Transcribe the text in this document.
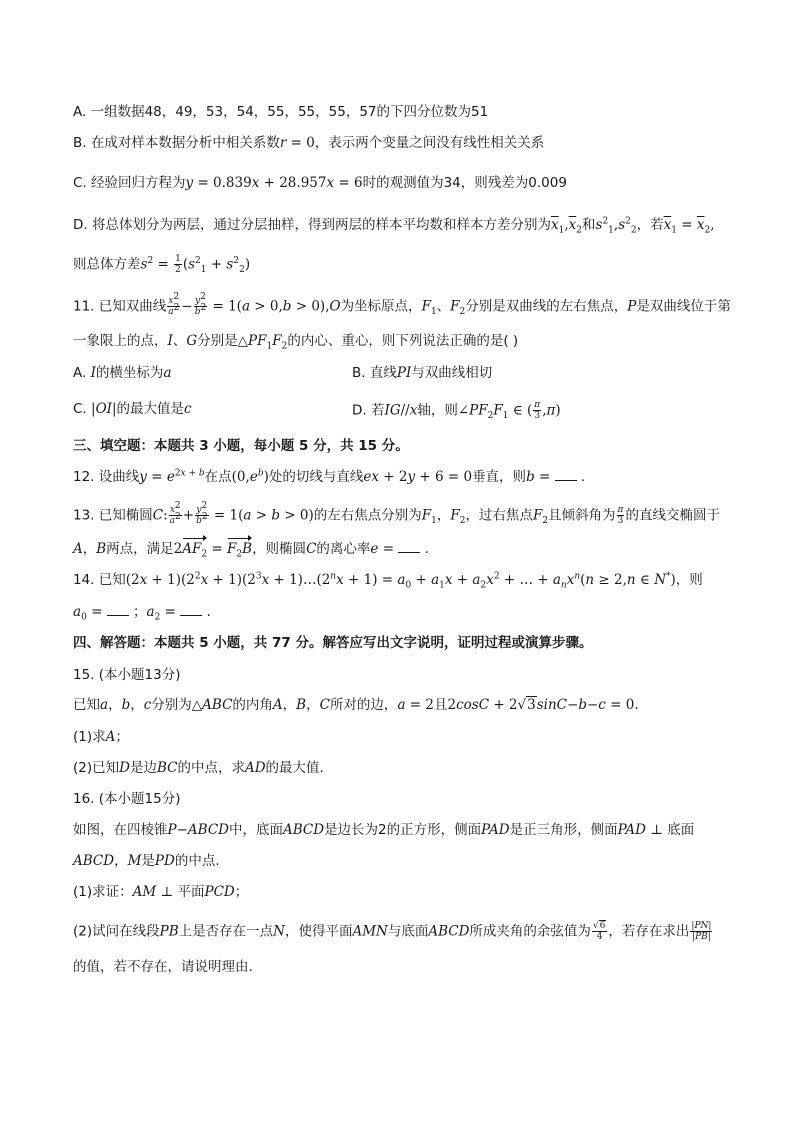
A. 一组数据48，49，53，54，55，55，55，57的下四分位数为51
B. 在成对样本数据分析中相关系数r = 0，表示两个变量之间没有线性相关关系
C. 经验回归方程为y = 0.839x + 28.957x = 6时的观测值为34，则残差为0.009
D. 将总体划分为两层，通过分层抽样，得到两层的样本平均数和样本方差分别为$\overline{x}_1,\overline{x}_2$和$s^2_1,s^2_2$，若$\overline{x}_1 = \overline{x}_2$,
则总体方差$s^2 = \frac{1}{2} (s^2_1 + s^2_2)$
11. 已知双曲线 $\frac{x^2}{a^2} - \frac{y^2}{b^2} = 1(a > 0,b > 0),O$为坐标原点，$F_1$、$F_2$分别是双曲线的左右焦点，P是双曲线位于第
一象限上的点，I、G分别是$\triangle PF_1F_2$的内心、重心，则下列说法正确的是( )
A. I的横坐标为a	B. 直线PI与双曲线相切
C. |OI|的最大值是c	D. 若IG//x轴，则$\angle PF_2F_1$ ∈ ( $\frac{\pi}{3} ,\pi$)
三、填空题：本题共 3 小题，每小题 5 分，共 15 分。
12. 设曲线$y = e^{2x + b}$在点$(0,e^b)$处的切线与直线ex + 2y + 6 = 0垂直，则b =  .
13. 已知椭圆C: $\frac{x^2}{a^2} + \frac{y^2}{b^2} = 1(a > b > 0)$的左右焦点分别为$F_1$，$F_2$，过右焦点$F_2$且倾斜角为 $\frac{\pi}{3}$ 的直线交椭圆于
A，B两点，满足$2AF_2 = F_2B$，则椭圆C的离心率e =  .
14. 已知$(2x + 1)(2^2x + 1)(2^3x$ + $1)\dots(2^nx + 1) = a_0 + a_1x + a_2x^2$ + … + $a_nx^n(n \ge 2,n$ ∈ N*)，则
$a_0$ =  ；$a_2$ =  .
四、解答题：本题共 5 小题，共 77 分。解答应写出文字说明，证明过程或演算步骤。
15. (本小题13分)
已知a，b，c分别为△ABC的内角A，B，C所对的边，a = 2且2cosC + 2√3sinC−b−c = 0.
(1)求A；
(2)已知D是边BC的中点，求AD的最大值.
16. (本小题15分)
如图，在四棱锥P−ABCD中，底面ABCD是边长为2的正方形，侧面PAD是正三角形，侧面PAD ⊥ 底面
ABCD，M是PD的中点.
(1)求证：AM ⊥ 平面PCD；
(2)试问在线段PB上是否存在一点N，使得平面AMN与底面ABCD所成夹角的余弦值为 $\frac{√6}{4}$ ，若存在求出 $\frac{|PN|}{|PB|}$
的值，若不存在，请说明理由.
